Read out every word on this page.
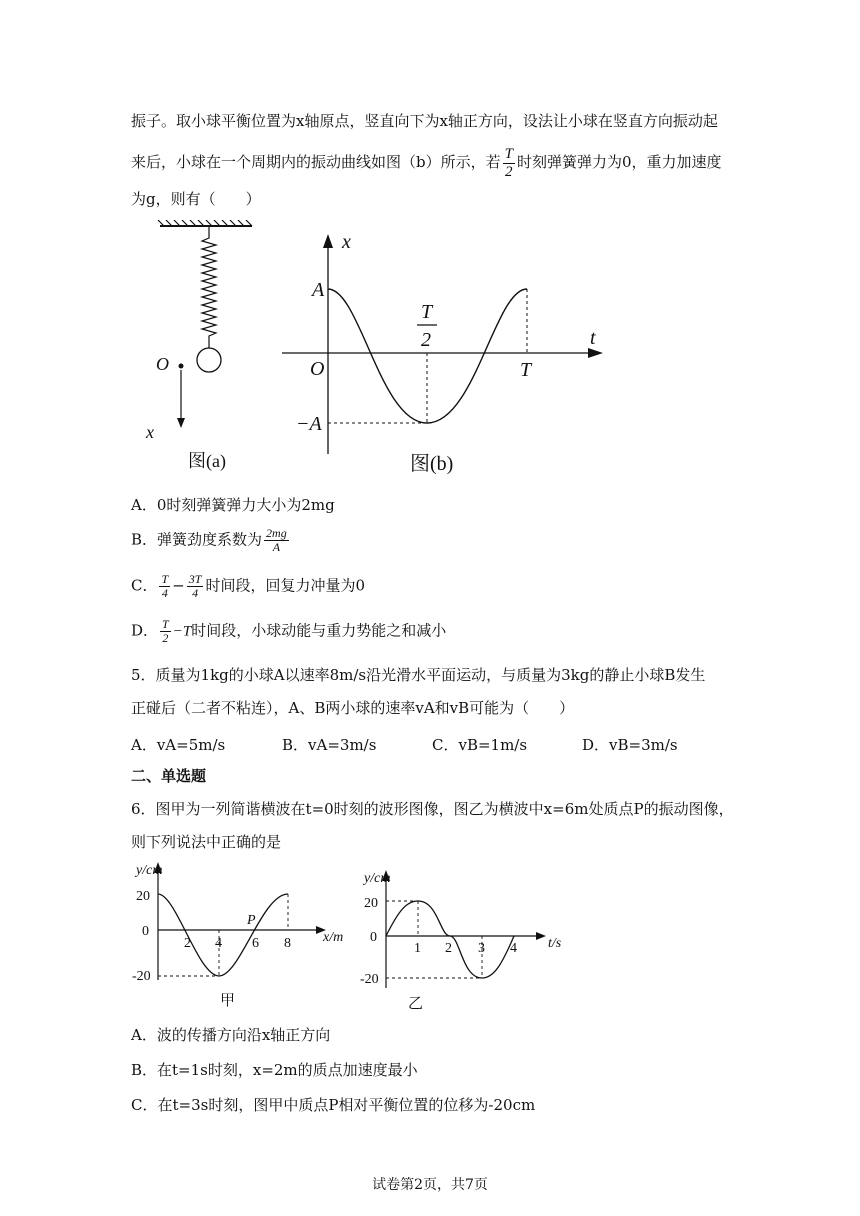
振子。取小球平衡位置为x轴原点，竖直向下为x轴正方向，设法让小球在竖直方向振动起
来后，小球在一个周期内的振动曲线如图（b）所示，若 $\frac{T}{2}$ 时刻弹簧弹力为0，重力加速度
为g，则有（　　）
O
x
图(a)
x
t
A
−A
O	T
T
2
图(b)
A．0时刻弹簧弹力大小为2mg
B．弹簧劲度系数为 $\frac{2mg}{A}$
C． $\frac{T}{4} - \frac{3T}{4}$ 时间段，回复力冲量为0
D． $\frac{T}{2} -T$时间段，小球动能与重力势能之和减小
5．质量为1kg的小球A以速率8m/s沿光滑水平面运动，与质量为3kg的静止小球B发生
正碰后（二者不粘连），A、B两小球的速率vA和vB可能为（　　）
A．vA=5m/s	B．vA=3m/s	C．vB=1m/s	D．vB=3m/s
二、单选题
6．图甲为一列简谐横波在t=0时刻的波形图像，图乙为横波中x=6m处质点P的振动图像，
则下列说法中正确的是
y/cm
x/m
20
0
-20
2 4 6 8
P
甲
y/cm
t/s
20
0
-20
1 2 3 4
乙
A．波的传播方向沿x轴正方向
B．在t=1s时刻，x=2m的质点加速度最小
C．在t=3s时刻，图甲中质点P相对平衡位置的位移为-20cm
试卷第2页，共7页
